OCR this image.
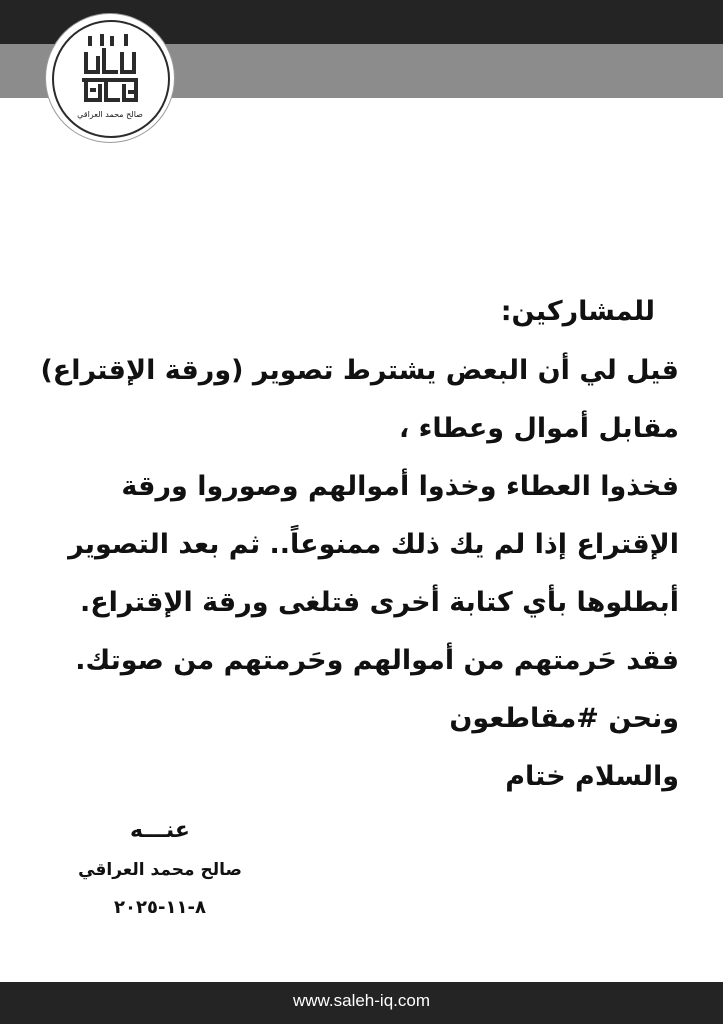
صالح محمد العراقي

للمشاركين:

قيل لي أن البعض يشترط تصوير (ورقة الإقتراع)

مقابل أموال وعطاء ،

فخذوا العطاء وخذوا أموالهم وصوروا ورقة

الإقتراع إذا لم يك ذلك ممنوعاً.. ثم بعد التصوير

أبطلوها بأي كتابة أخرى فتلغى ورقة الإقتراع.

فقد حَرمتهم من أموالهم وحَرمتهم من صوتك.

ونحن #مقاطعون

والسلام ختام

عنـــه
صالح محمد العراقي
٨-١١-٢٠٢٥
www.saleh-iq.com
